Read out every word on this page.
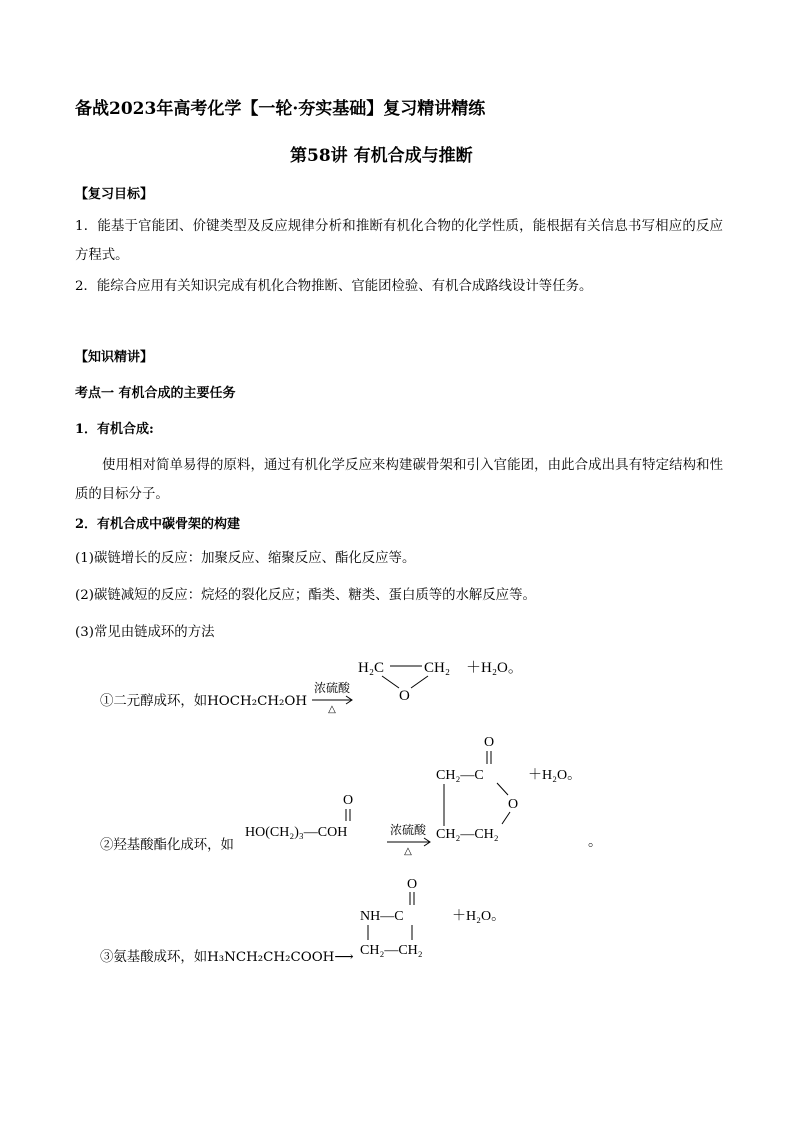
备战2023年高考化学【一轮·夯实基础】复习精讲精练
第58讲 有机合成与推断
【复习目标】
1．能基于官能团、价键类型及反应规律分析和推断有机化合物的化学性质，能根据有关信息书写相应的反应方程式。
2．能综合应用有关知识完成有机化合物推断、官能团检验、有机合成路线设计等任务。
【知识精讲】
考点一 有机合成的主要任务
1．有机合成:
使用相对简单易得的原料，通过有机化学反应来构建碳骨架和引入官能团，由此合成出具有特定结构和性质的目标分子。
2．有机合成中碳骨架的构建
(1)碳链增长的反应：加聚反应、缩聚反应、酯化反应等。
(2)碳链减短的反应：烷烃的裂化反应；酯类、糖类、蛋白质等的水解反应等。
(3)常见由链成环的方法
①二元醇成环，如HOCH₂CH₂OH
浓硫酸
△
H₂C	CH₂
O
＋H₂O。
O
HO(CH₂)₃—COH	浓硫酸
△
O
CH₂—C
O
CH₂—CH₂
＋H₂O。
。
O
NH—C
CH₂—CH₂
＋H₂O。
②羟基酸酯化成环，如
③氨基酸成环，如H₃NCH₂CH₂COOH⟶
